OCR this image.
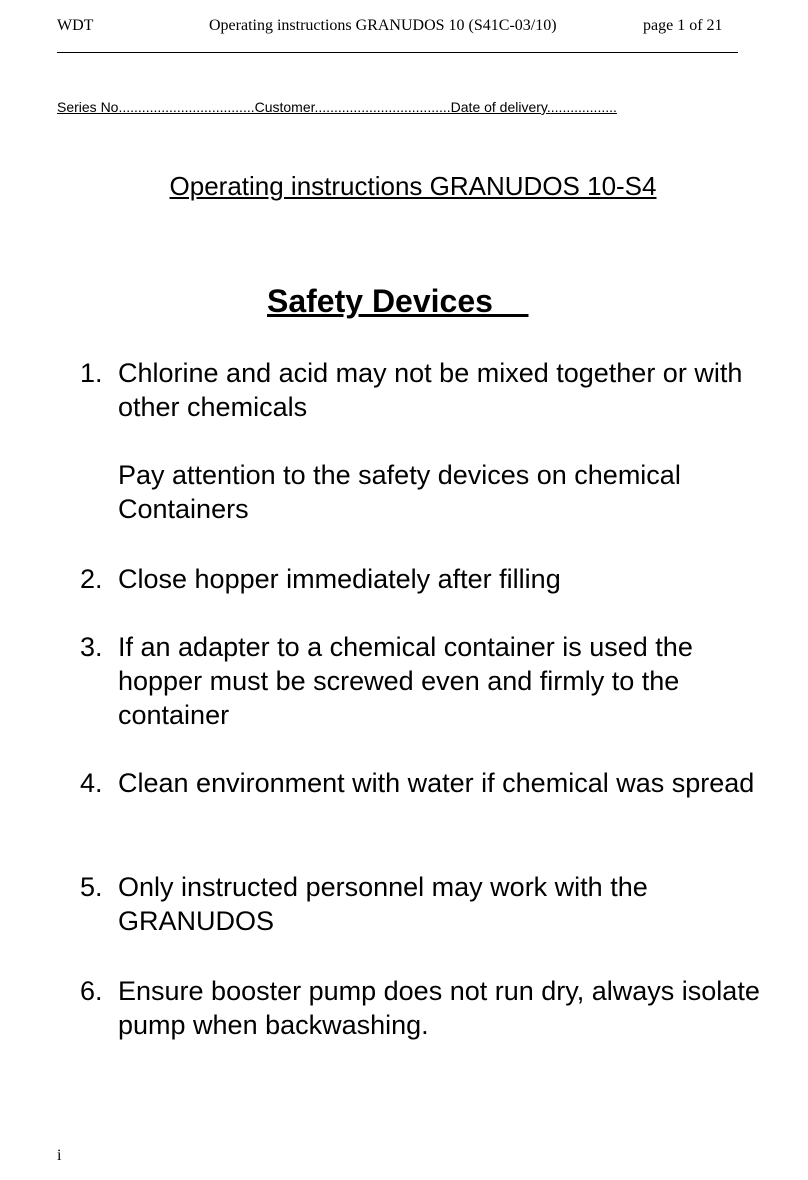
WDT	Operating instructions GRANUDOS 10 (S41C-03/10)	page 1 of 21
Series No...................................Customer...................................Date of delivery..................
Operating instructions GRANUDOS 10-S4
Safety Devices
1. Chlorine and acid may not be mixed together or with other chemicals
Pay attention to the safety devices on chemical Containers
2. Close hopper immediately after filling
3. If an adapter to a chemical container is used the hopper must be screwed even and firmly to the container
4. Clean environment with water if chemical was spread
5. Only instructed personnel may work with the GRANUDOS
6. Ensure booster pump does not run dry, always isolate pump when backwashing.
i
